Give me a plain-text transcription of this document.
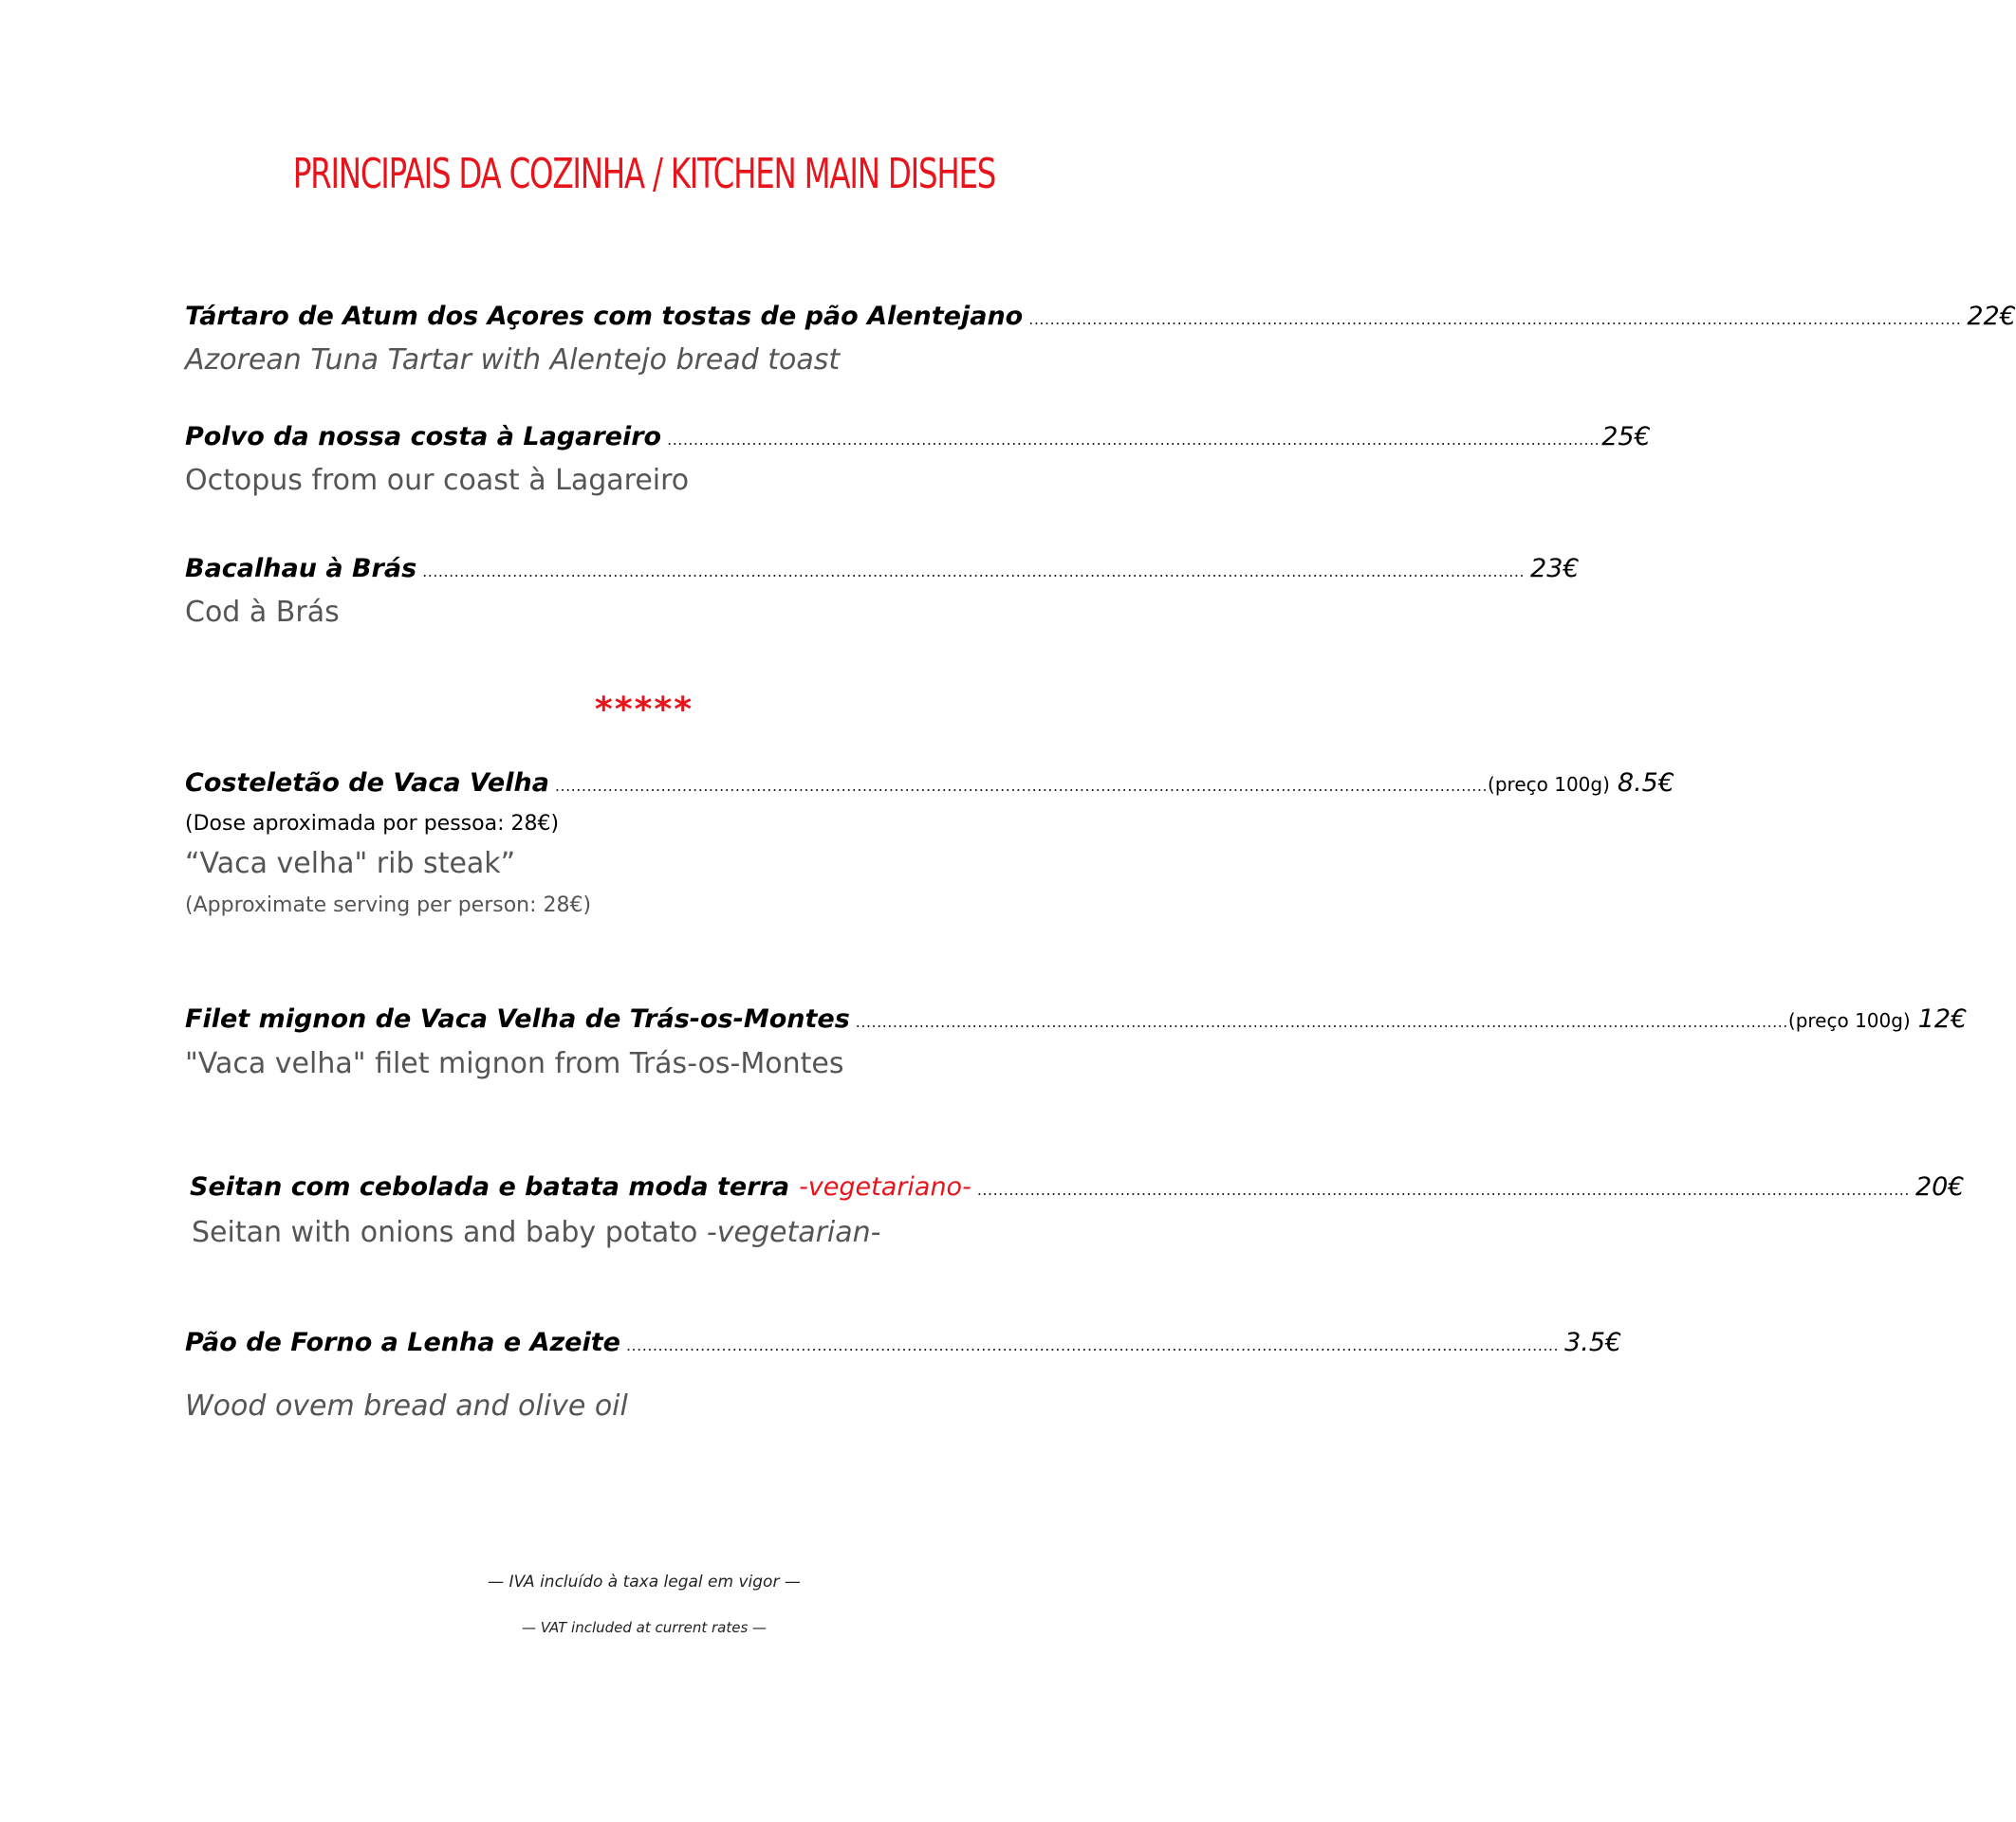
PRINCIPAIS DA COZINHA / KITCHEN MAIN DISHES
Tártaro de Atum dos Açores com tostas de pão Alentejano ................................................................................................................................................................................ 22€
Azorean Tuna Tartar with Alentejo bread toast
Polvo da nossa costa à Lagareiro ................................................................................................................................................................................ 25€
Octopus from our coast à Lagareiro
Bacalhau à Brás ................................................................................................................................................................................................................ 23€
Cod à Brás
*****
Costeletão de Vaca Velha ................................................................................................................................................................................ (preço 100g) 8.5€
(Dose aproximada por pessoa: 28€)
“Vaca velha" rib steak”
(Approximate serving per person: 28€)
Filet mignon de Vaca Velha de Trás-os-Montes ................................................................................................................................................................................ (preço 100g) 12€
"Vaca velha" filet mignon from Trás-os-Montes
Seitan com cebolada e batata moda terra -vegetariano- ................................................................................................................................................................................ 20€
Seitan with onions and baby potato -vegetarian-
Pão de Forno a Lenha e Azeite ................................................................................................................................................................................ 3.5€
Wood ovem bread and olive oil
— IVA incluído à taxa legal em vigor —
— VAT included at current rates —
